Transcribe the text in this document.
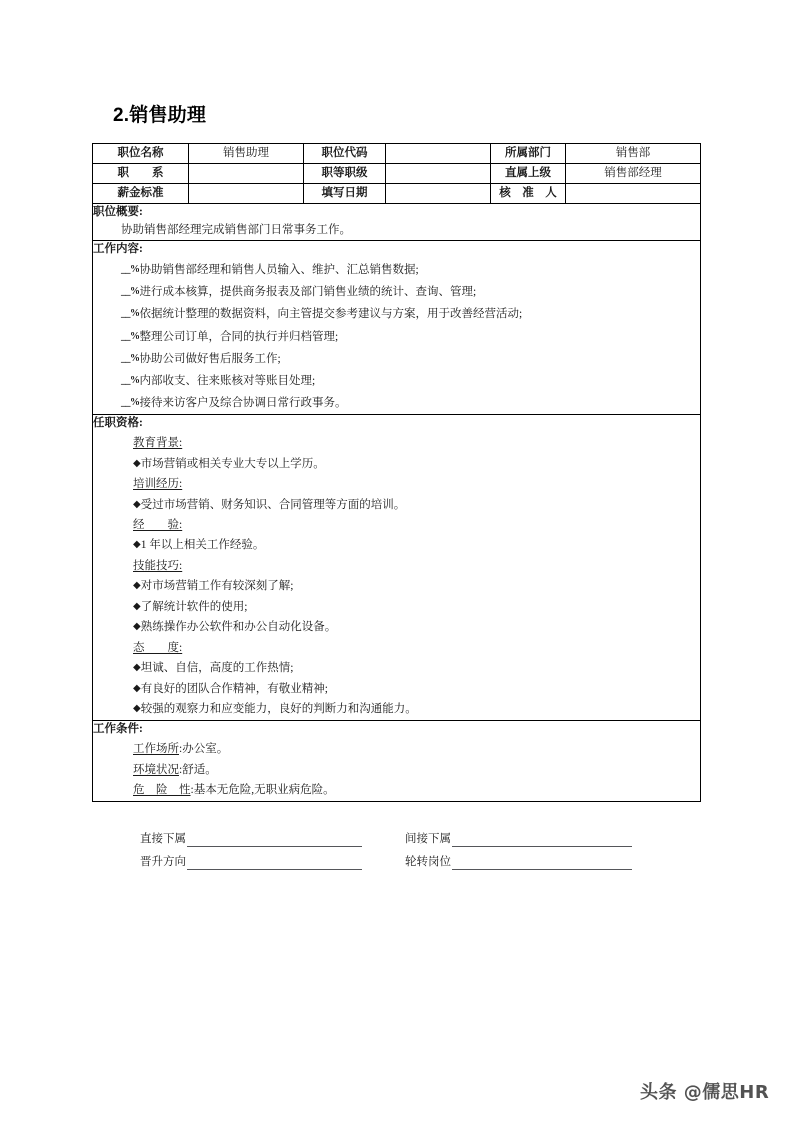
2.销售助理
职位名称	销售助理	职位代码		所属部门	销售部
职　　系		职等职级		直属上级	销售部经理
薪金标准		填写日期		核　准　人	

职位概要:

协助销售部经理完成销售部门日常事务工作。					

工作内容:

__%协助销售部经理和销售人员输入、维护、汇总销售数据;

__%进行成本核算，提供商务报表及部门销售业绩的统计、查询、管理;

__%依据统计整理的数据资料，向主管提交参考建议与方案，用于改善经营活动;

__%整理公司订单，合同的执行并归档管理;

__%协助公司做好售后服务工作;

__%内部收支、往来账核对等账目处理;

__%接待来访客户及综合协调日常行政事务。

任职资格:

教育背景:

◆市场营销或相关专业大专以上学历。

培训经历:

◆受过市场营销、财务知识、合同管理等方面的培训。

经　　验:

◆1 年以上相关工作经验。

技能技巧:

◆对市场营销工作有较深刻了解;

◆了解统计软件的使用;

◆熟练操作办公软件和办公自动化设备。

态　　度:

◆坦诚、自信，高度的工作热情;

◆有良好的团队合作精神，有敬业精神;

◆较强的观察力和应变能力，良好的判断力和沟通能力。

工作条件:

工作场所:办公室。

环境状况:舒适。

危　险　性:基本无危险,无职业病危险。					

直接下属	间接下属
晋升方向	轮转岗位
头条 @儒思HR
